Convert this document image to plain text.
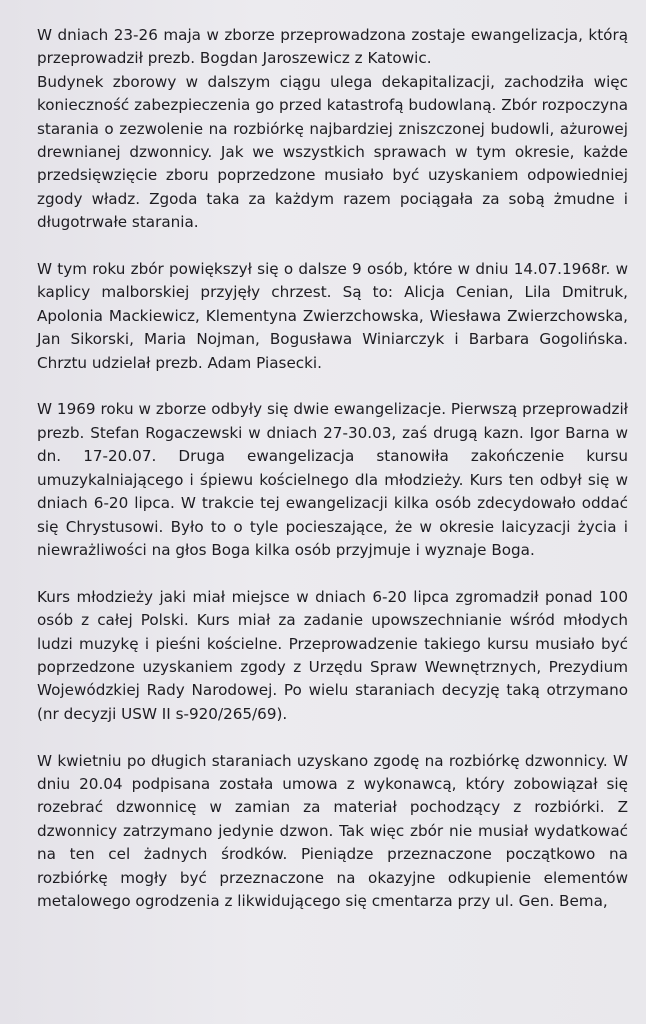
W dniach 23-26 maja w zborze przeprowadzona zostaje ewangelizacja, którą przeprowadził prezb. Bogdan Jaroszewicz z Katowic.

Budynek zborowy w dalszym ciągu ulega dekapitalizacji, zachodziła więc konieczność zabezpieczenia go przed katastrofą budowlaną. Zbór rozpoczyna starania o zezwolenie na rozbiórkę najbardziej zniszczonej budowli, ażurowej drewnianej dzwonnicy. Jak we wszystkich sprawach w tym okresie, każde przedsięwzięcie zboru poprzedzone musiało być uzyskaniem odpowiedniej zgody władz. Zgoda taka za każdym razem pociągała za sobą żmudne i długotrwałe starania.

W tym roku zbór powiększył się o dalsze 9 osób, które w dniu 14.07.1968r. w kaplicy malborskiej przyjęły chrzest. Są to: Alicja Cenian, Lila Dmitruk, Apolonia Mackiewicz, Klementyna Zwierzchowska, Wiesława Zwierzchowska, Jan Sikorski, Maria Nojman, Bogusława Winiarczyk i Barbara Gogolińska. Chrztu udzielał prezb. Adam Piasecki.

W 1969 roku w zborze odbyły się dwie ewangelizacje. Pierwszą przeprowadził prezb. Stefan Rogaczewski w dniach 27-30.03, zaś drugą kazn. Igor Barna w dn. 17-20.07. Druga ewangelizacja stanowiła zakończenie kursu umuzykalniającego i śpiewu kościelnego dla młodzieży. Kurs ten odbył się w dniach 6-20 lipca. W trakcie tej ewangelizacji kilka osób zdecydowało oddać się Chrystusowi. Było to o tyle pocieszające, że w okresie laicyzacji życia i niewrażliwości na głos Boga kilka osób przyjmuje i wyznaje Boga.

Kurs młodzieży jaki miał miejsce w dniach 6-20 lipca zgromadził ponad 100 osób z całej Polski. Kurs miał za zadanie upowszechnianie wśród młodych ludzi muzykę i pieśni kościelne. Przeprowadzenie takiego kursu musiało być poprzedzone uzyskaniem zgody z Urzędu Spraw Wewnętrznych, Prezydium Wojewódzkiej Rady Narodowej. Po wielu staraniach decyzję taką otrzymano (nr decyzji USW II s-920/265/69).

W kwietniu po długich staraniach uzyskano zgodę na rozbiórkę dzwonnicy. W dniu 20.04 podpisana została umowa z wykonawcą, który zobowiązał się rozebrać dzwonnicę w zamian za materiał pochodzący z rozbiórki. Z dzwonnicy zatrzymano jedynie dzwon. Tak więc zbór nie musiał wydatkować na ten cel żadnych środków. Pieniądze przeznaczone początkowo na rozbiórkę mogły być przeznaczone na okazyjne odkupienie elementów metalowego ogrodzenia z likwidującego się cmentarza przy ul. Gen. Bema,
